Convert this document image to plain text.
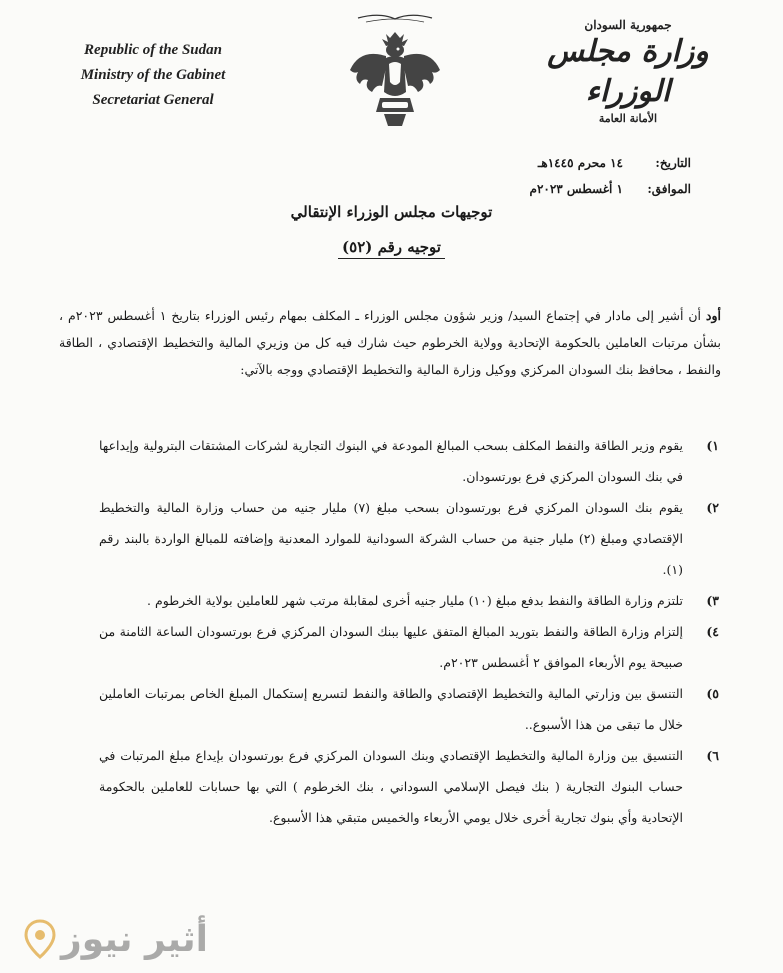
Republic of the Sudan
Ministry of the Gabinet
Secretariat General
جمهورية السودان
وزارة مجلس الوزراء
الأمانة العامة
التاريخ:
١٤ محرم ١٤٤٥هـ
الموافق:
١ أغسطس ٢٠٢٣م
توجيهات مجلس الوزراء الإنتقالي
توجيه رقم (٥٢)
أود أن أشير إلى مادار في إجتماع السيد/ وزير شؤون مجلس الوزراء ـ المكلف بمهام رئيس الوزراء بتاريخ ١ أغسطس ٢٠٢٣م ، بشأن مرتبات العاملين بالحكومة الإتحادية وولاية الخرطوم حيث شارك فيه كل من وزيري المالية والتخطيط الإقتصادي ، الطاقة والنفط ، محافظ بنك السودان المركزي ووكيل وزارة المالية والتخطيط الإقتصادي ووجه بالآتي:
١)
يقوم وزير الطاقة والنفط المكلف بسحب المبالغ المودعة في البنوك التجارية لشركات المشتقات البترولية وإيداعها في بنك السودان المركزي فرع بورتسودان.
٢)
يقوم بنك السودان المركزي فرع بورتسودان بسحب مبلغ (٧) مليار جنيه من حساب وزارة المالية والتخطيط الإقتصادي ومبلغ (٢) مليار جنية من حساب الشركة السودانية للموارد المعدنية وإضافته للمبالغ الواردة بالبند رقم (١).
٣)
تلتزم وزارة الطاقة والنفط بدفع مبلغ (١٠) مليار جنيه أخرى لمقابلة مرتب شهر للعاملين بولاية الخرطوم .
٤)
إلتزام وزارة الطاقة والنفط بتوريد المبالغ المتفق عليها ببنك السودان المركزي فرع بورتسودان الساعة الثامنة من صبيحة يوم الأربعاء الموافق ٢ أغسطس ٢٠٢٣م.
٥)
التنسق بين وزارتي المالية والتخطيط الإقتصادي والطاقة والنفط لتسريع إستكمال المبلغ الخاص بمرتبات العاملين خلال ما تبقى من هذا الأسبوع..
٦)
التنسيق بين وزارة المالية والتخطيط الإقتصادي وبنك السودان المركزي فرع بورتسودان بإيداع مبلغ المرتبات في حساب البنوك التجارية ( بنك فيصل الإسلامي السوداني ، بنك الخرطوم ) التي بها حسابات للعاملين بالحكومة الإتحادية وأي بنوك تجارية أخرى خلال يومي الأربعاء والخميس متبقي هذا الأسبوع.
أثير نيوز
